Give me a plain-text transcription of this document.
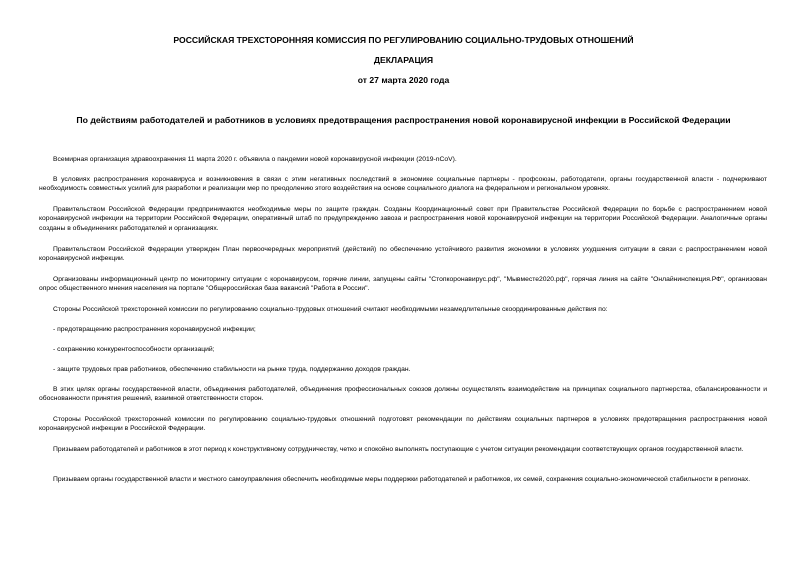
РОССИЙСКАЯ ТРЕХСТОРОННЯЯ КОМИССИЯ ПО РЕГУЛИРОВАНИЮ СОЦИАЛЬНО-ТРУДОВЫХ ОТНОШЕНИЙ
ДЕКЛАРАЦИЯ
от 27 марта 2020 года
По действиям работодателей и работников в условиях предотвращения распространения новой коронавирусной инфекции в Российской Федерации
Всемирная организация здравоохранения 11 марта 2020 г. объявила о пандемии новой коронавирусной инфекции (2019-nCoV).
В условиях распространения коронавируса и возникновения в связи с этим негативных последствий в экономике социальные партнеры - профсоюзы, работодатели, органы государственной власти - подчеркивают необходимость совместных усилий для разработки и реализации мер по преодолению этого воздействия на основе социального диалога на федеральном и региональном уровнях.
Правительством Российской Федерации предпринимаются необходимые меры по защите граждан. Созданы Координационный совет при Правительстве Российской Федерации по борьбе с распространением новой коронавирусной инфекции на территории Российской Федерации, оперативный штаб по предупреждению завоза и распространения новой коронавирусной инфекции на территории Российской Федерации. Аналогичные органы созданы в объединениях работодателей и организациях.
Правительством Российской Федерации утвержден План первоочередных мероприятий (действий) по обеспечению устойчивого развития экономики в условиях ухудшения ситуации в связи с распространением новой коронавирусной инфекции.
Организованы информационный центр по мониторингу ситуации с коронавирусом, горячие линии, запущены сайты "Стопкоронавирус.рф", "Мывместе2020.рф", горячая линия на сайте "Онлайнинспекция.РФ", организован опрос общественного мнения населения на портале "Общероссийская база вакансий "Работа в России".
Стороны Российской трехсторонней комиссии по регулированию социально-трудовых отношений считают необходимыми незамедлительные скоординированные действия по:
- предотвращению распространения коронавирусной инфекции;
- сохранению конкурентоспособности организаций;
- защите трудовых прав работников, обеспечению стабильности на рынке труда, поддержанию доходов граждан.
В этих целях органы государственной власти, объединения работодателей, объединения профессиональных союзов должны осуществлять взаимодействие на принципах социального партнерства, сбалансированности и обоснованности принятия решений, взаимной ответственности сторон.
Стороны Российской трехсторонней комиссии по регулированию социально-трудовых отношений подготовят рекомендации по действиям социальных партнеров в условиях предотвращения распространения новой коронавирусной инфекции в Российской Федерации.
Призываем работодателей и работников в этот период к конструктивному сотрудничеству, четко и спокойно выполнять поступающие с учетом ситуации рекомендации соответствующих органов государственной власти.
Призываем органы государственной власти и местного самоуправления обеспечить необходимые меры поддержки работодателей и работников, их семей, сохранения социально-экономической стабильности в регионах.
